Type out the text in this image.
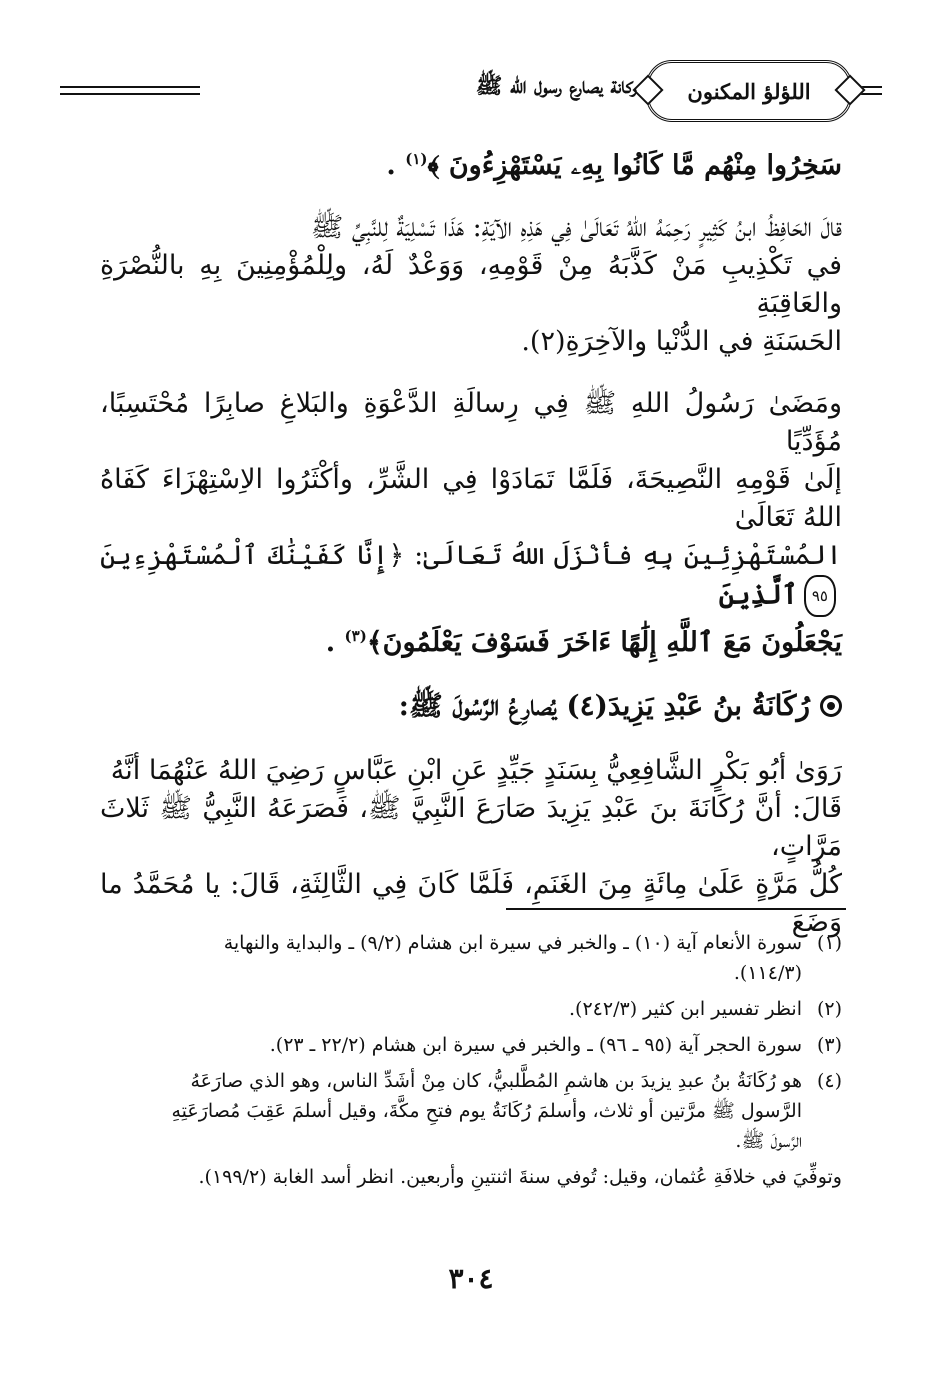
اللؤلؤ المكنون
ركانة يصارع رسول الله ﷺ

سَخِرُوا مِنْهُم مَّا كَانُوا بِهِۦ يَسْتَهْزِءُونَ ﴾$^{(١)}$ .

قالَ الحَافِظُ ابنُ كَثِيرٍ رَحِمَهُ اللهُ تَعَالَىٰ فِي هَذِهِ الآيَةِ: هَذَا تَسْلِيَةٌ لِلنَّبِيِّ ﷺ

في تَكْذِيبِ مَنْ كَذَّبَهُ مِنْ قَوْمِهِ، وَوَعْدٌ لَهُ، ولِلْمُؤْمِنِينَ بِهِ بالنُّصْرَةِ والعَاقِبَةِ

الحَسَنَةِ في الدُّنْيا والآخِرَةِ(٢).

ومَضَىٰ رَسُولُ اللهِ ﷺ فِي رِسالَةِ الدَّعْوَةِ والبَلاغِ صابِرًا مُحْتَسِبًا، مُؤَدِّيًا

إلَىٰ قَوْمِهِ النَّصِيحَةَ، فَلَمَّا تَمَادَوْا فِي الشَّرِّ، وأكْثَرُوا الاِسْتِهْزَاءَ كَفَاهُ اللهُ تَعَالَىٰ

المُسْتَهْزِئِينَ بِهِ فأنْزَلَ اللهُ تَعَالَىٰ: ﴿إِنَّا كَفَيْنَٰكَ ٱلْمُسْتَهْزِءِينَ٩٥ٱلَّذِينَ

يَجْعَلُونَ مَعَ ٱللَّهِ إِلَٰهًا ءَاخَرَ فَسَوْفَ يَعْلَمُونَ﴾$^{(٣)}$ .

رُكَانَةُ بنُ عَبْدِ يَزِيدَ(٤) يُصارِعُ الرَّسُولَ ﷺ:

رَوَىٰ أبُو بَكْرٍ الشَّافِعِيُّ بِسَنَدٍ جَيِّدٍ عَنِ ابْنِ عَبَّاسٍ رَضِيَ اللهُ عَنْهُمَا أنَّهُ

قَالَ: أنَّ رُكَانَةَ بنَ عَبْدِ يَزِيدَ صَارَعَ النَّبِيَّ ﷺ، فَصَرَعَهُ النَّبِيُّ ﷺ ثَلاثَ مَرَّاتٍ،

كُلُّ مَرَّةٍ عَلَىٰ مِائَةٍ مِنَ الغَنَمِ، فَلَمَّا كَانَ فِي الثَّالِثَةِ، قَالَ: يا مُحَمَّدُ ما وَضَعَ

(١)
سورة الأنعام آية (١٠) ـ والخبر في سيرة ابن هشام (٩/٢) ـ والبداية والنهاية
(١١٤/٣).
(٢)
انظر تفسير ابن كثير (٢٤٢/٣).
(٣)
سورة الحجر آية (٩٥ ـ ٩٦) ـ والخبر في سيرة ابن هشام (٢٢/٢ ـ ٢٣).
(٤)
هو رُكَانَةُ بنُ عبدِ يزيدَ بن هاشمِ المُطَّلبيُّ، كان مِنْ أشَدِّ الناس، وهو الذي صارَعَهُ
الرَّسول ﷺ مرَّتين أو ثلاث، وأسلمَ رُكَانَةُ يوم فتحِ مكَّةَ، وقيل أسلمَ عَقِبَ مُصارَعَتِهِ
الرَّسولَ ﷺ.
وتوفِّيَ في خلافَةِ عُثمان، وقيل: تُوفي سنةَ اثنتينِ وأربعين. انظر أسد الغابة (١٩٩/٢).
٣٠٤
